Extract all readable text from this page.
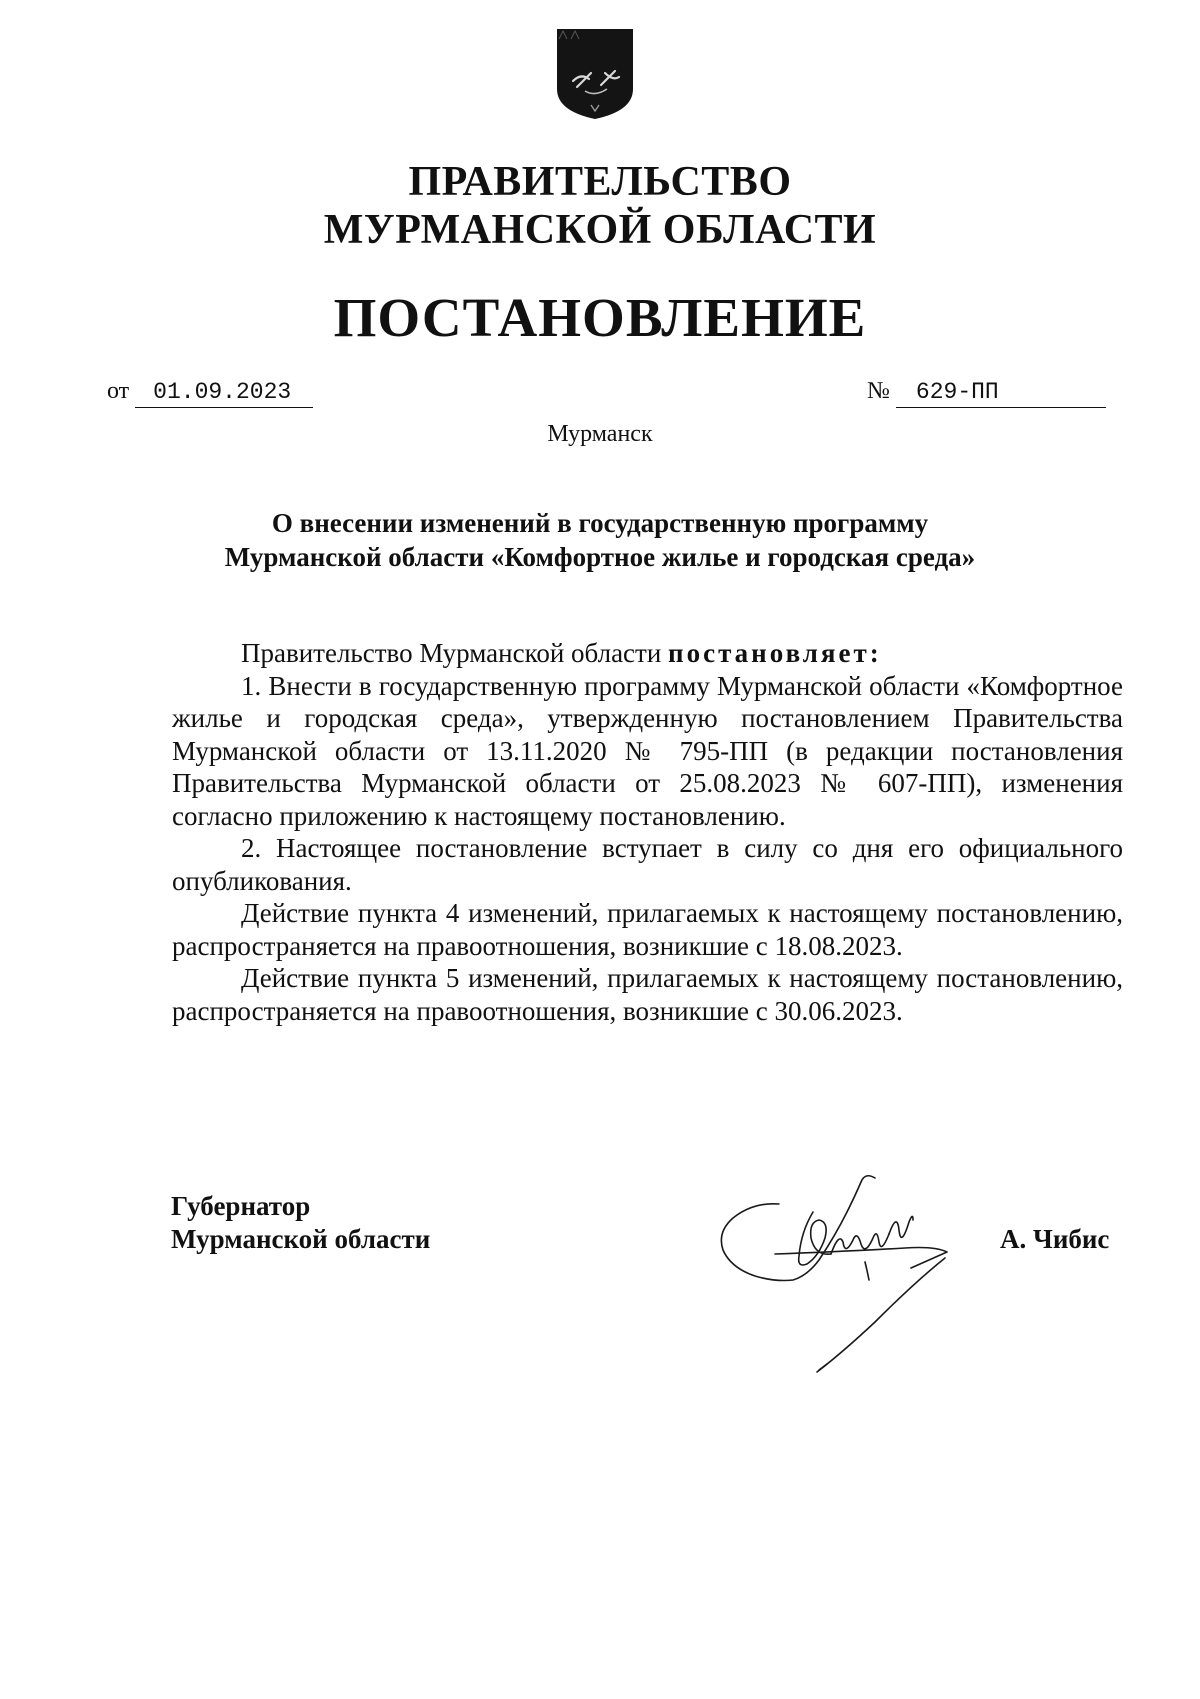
ПРАВИТЕЛЬСТВО
МУРМАНСКОЙ ОБЛАСТИ
ПОСТАНОВЛЕНИЕ
от 01.09.2023	№ 629-ПП
Мурманск
О внесении изменений в государственную программу
Мурманской области «Комфортное жилье и городская среда»

Правительство Мурманской области постановляет:

1. Внести в государственную программу Мурманской области «Комфортное жилье и городская среда», утвержденную постановлением Правительства Мурманской области от 13.11.2020 № 795-ПП (в редакции постановления Правительства Мурманской области от 25.08.2023 № 607-ПП), изменения согласно приложению к настоящему постановлению.

2. Настоящее постановление вступает в силу со дня его официального опубликования.

Действие пункта 4 изменений, прилагаемых к настоящему постановлению, распространяется на правоотношения, возникшие с 18.08.2023.

Действие пункта 5 изменений, прилагаемых к настоящему постановлению, распространяется на правоотношения, возникшие с 30.06.2023.

Губернатор
Мурманской области	А. Чибис
